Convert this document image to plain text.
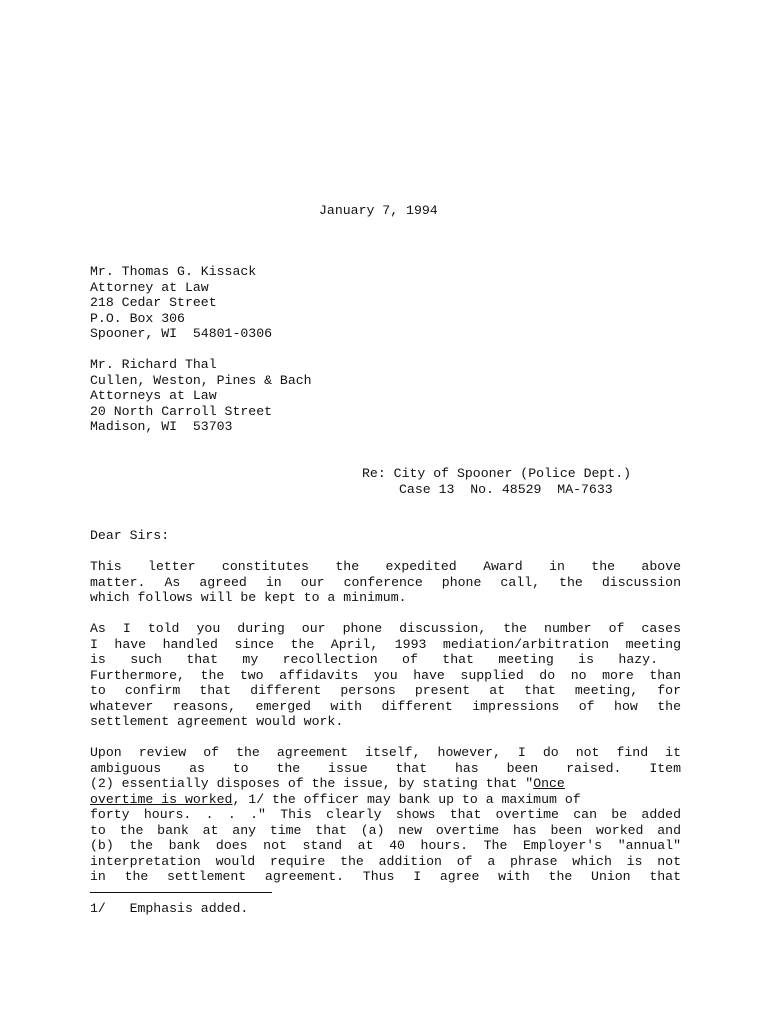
January 7, 1994
Mr. Thomas G. Kissack
Attorney at Law
218 Cedar Street
P.O. Box 306
Spooner, WI  54801-0306
Mr. Richard Thal
Cullen, Weston, Pines & Bach
Attorneys at Law
20 North Carroll Street
Madison, WI  53703
Re: City of Spooner (Police Dept.)
Case 13  No. 48529  MA-7633
Dear Sirs:
This letter constitutes the expedited Award in the above
matter. As agreed in our conference phone call, the discussion
which follows will be kept to a minimum.
As I told you during our phone discussion, the number of cases
I have handled since the April, 1993 mediation/arbitration meeting
is such that my recollection of that meeting is hazy.
Furthermore, the two affidavits you have supplied do no more than
to confirm that different persons present at that meeting, for
whatever reasons, emerged with different impressions of how the
settlement agreement would work.
Upon review of the agreement itself, however, I do not find it
ambiguous as to the issue that has been raised. Item
(2) essentially disposes of the issue, by stating that "Once
overtime is worked, 1/ the officer may bank up to a maximum of
forty hours. . . ." This clearly shows that overtime can be added
to the bank at any time that (a) new overtime has been worked and
(b) the bank does not stand at 40 hours. The Employer's "annual"
interpretation would require the addition of a phrase which is not
in the settlement agreement. Thus I agree with the Union that
1/   Emphasis added.
